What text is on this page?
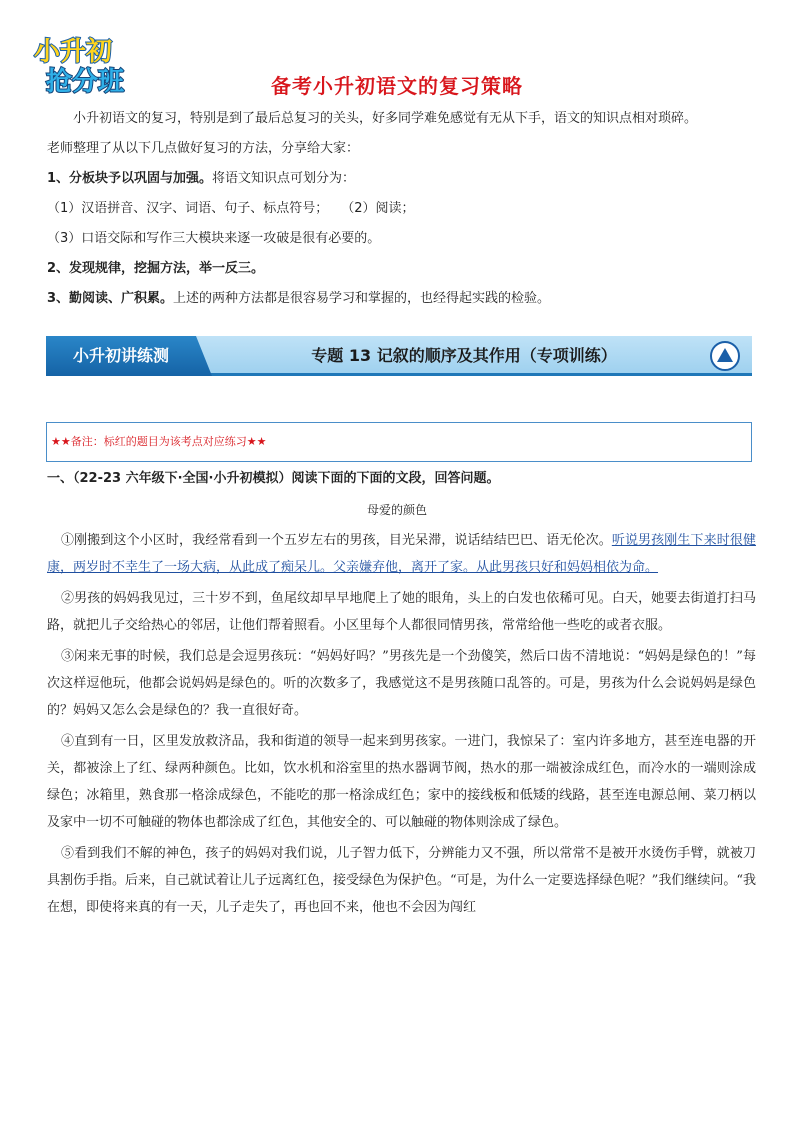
小升初
抢分班	备考小升初语文的复习策略

小升初语文的复习，特别是到了最后总复习的关头，好多同学难免感觉有无从下手，语文的知识点相对琐碎。

老师整理了从以下几点做好复习的方法，分享给大家：

1、分板块予以巩固与加强。将语文知识点可划分为：

（1）汉语拼音、汉字、词语、句子、标点符号；　　（2）阅读；

（3）口语交际和写作三大模块来逐一攻破是很有必要的。

2、发现规律，挖掘方法，举一反三。

3、勤阅读、广积累。上述的两种方法都是很容易学习和掌握的，也经得起实践的检验。

小升初讲练测	专题 13 记叙的顺序及其作用（专项训练）
★★备注：标红的题目为该考点对应练习★★
一、（22-23 六年级下·全国·小升初模拟）阅读下面的下面的文段，回答问题。
母爱的颜色

①刚搬到这个小区时，我经常看到一个五岁左右的男孩，目光呆滞，说话结结巴巴、语无伦次。听说男孩刚生下来时很健康，两岁时不幸生了一场大病，从此成了痴呆儿。父亲嫌弃他，离开了家。从此男孩只好和妈妈相依为命。

②男孩的妈妈我见过，三十岁不到，鱼尾纹却早早地爬上了她的眼角，头上的白发也依稀可见。白天，她要去街道打扫马路，就把儿子交给热心的邻居，让他们帮着照看。小区里每个人都很同情男孩，常常给他一些吃的或者衣服。

③闲来无事的时候，我们总是会逗男孩玩：“妈妈好吗？”男孩先是一个劲傻笑，然后口齿不清地说：“妈妈是绿色的！”每次这样逗他玩，他都会说妈妈是绿色的。听的次数多了，我感觉这不是男孩随口乱答的。可是，男孩为什么会说妈妈是绿色的？妈妈又怎么会是绿色的？我一直很好奇。

④直到有一日，区里发放救济品，我和街道的领导一起来到男孩家。一进门，我惊呆了：室内许多地方，甚至连电器的开关，都被涂上了红、绿两种颜色。比如，饮水机和浴室里的热水器调节阀，热水的那一端被涂成红色，而冷水的一端则涂成绿色；冰箱里，熟食那一格涂成绿色，不能吃的那一格涂成红色；家中的接线板和低矮的线路，甚至连电源总闸、菜刀柄以及家中一切不可触碰的物体也都涂成了红色，其他安全的、可以触碰的物体则涂成了绿色。

⑤看到我们不解的神色，孩子的妈妈对我们说，儿子智力低下，分辨能力又不强，所以常常不是被开水烫伤手臂，就被刀具割伤手指。后来，自己就试着让儿子远离红色，接受绿色为保护色。“可是，为什么一定要选择绿色呢？”我们继续问。“我在想，即使将来真的有一天，儿子走失了，再也回不来，他也不会因为闯红
